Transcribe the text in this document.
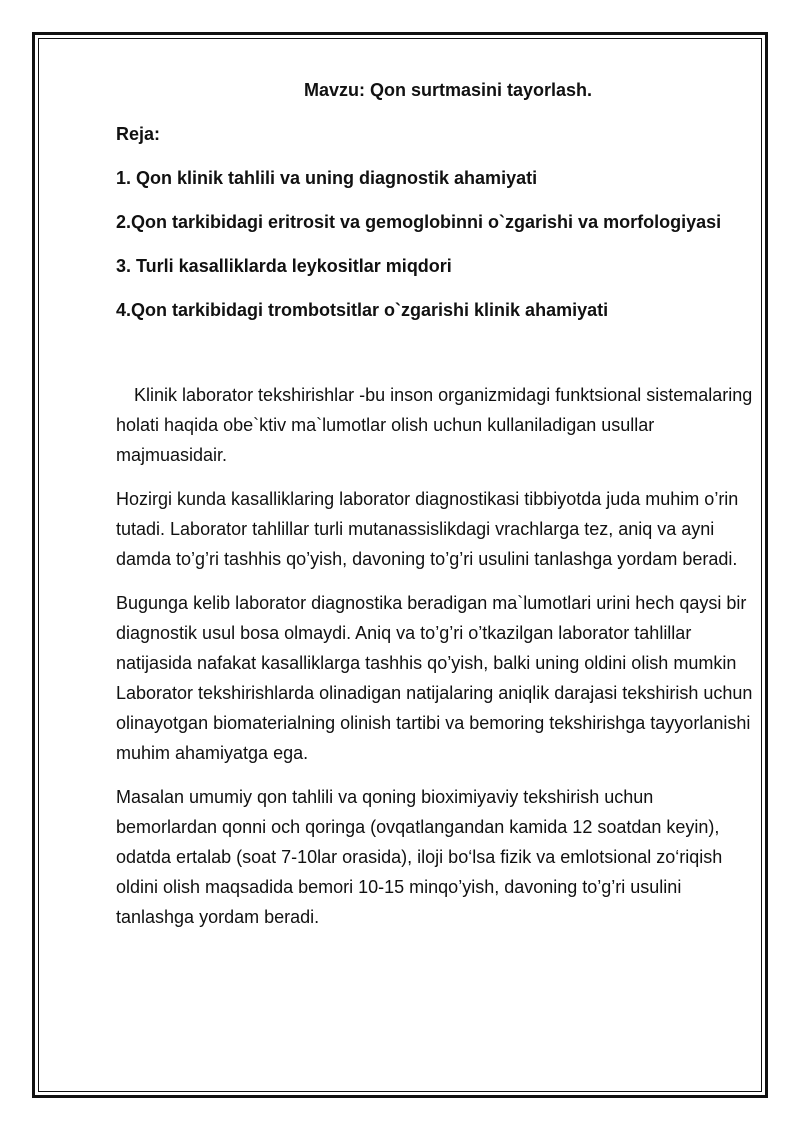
Mavzu: Qon surtmasini tayorlash.
Reja:
1. Qon klinik tahlili va uning diagnostik ahamiyati
2.Qon tarkibidagi eritrosit va gemoglobinni o`zgarishi va morfologiyasi
3. Turli kasalliklarda leykositlar miqdori
4.Qon tarkibidagi trombotsitlar o`zgarishi klinik ahamiyati

Klinik laborator tekshirishlar -bu inson organizmidagi funktsional sistemalaring holati haqida obe`ktiv ma`lumotlar olish uchun kullaniladigan usullar majmuasidair.

Hozirgi kunda kasalliklaring laborator diagnostikasi tibbiyotda juda muhim o’rin tutadi. Laborator tahlillar turli mutanassislikdagi vrachlarga tez, aniq va ayni damda to’g’ri tashhis qo’yish, davoning to’g’ri usulini tanlashga yordam beradi.

Bugunga kelib laborator diagnostika beradigan ma`lumotlari urini hech qaysi bir diagnostik usul bosa olmaydi. Aniq va to’g’ri o’tkazilgan laborator tahlillar natijasida nafakat kasalliklarga tashhis qo’yish, balki uning oldini olish mumkin Laborator tekshirishlarda olinadigan natijalaring aniqlik darajasi tekshirish uchun olinayotgan biomaterialning olinish tartibi va bemoring tekshirishga tayyorlanishi muhim ahamiyatga ega.

Masalan umumiy qon tahlili va qoning bioximiyaviy tekshirish uchun bemorlardan qonni och qoringa (ovqatlangandan kamida 12 soatdan keyin), odatda ertalab (soat 7-10lar orasida), iloji bo‘lsa fizik va emlotsional zo‘riqish oldini olish maqsadida bemori 10-15 minqo’yish, davoning to’g’ri usulini tanlashga yordam beradi.
